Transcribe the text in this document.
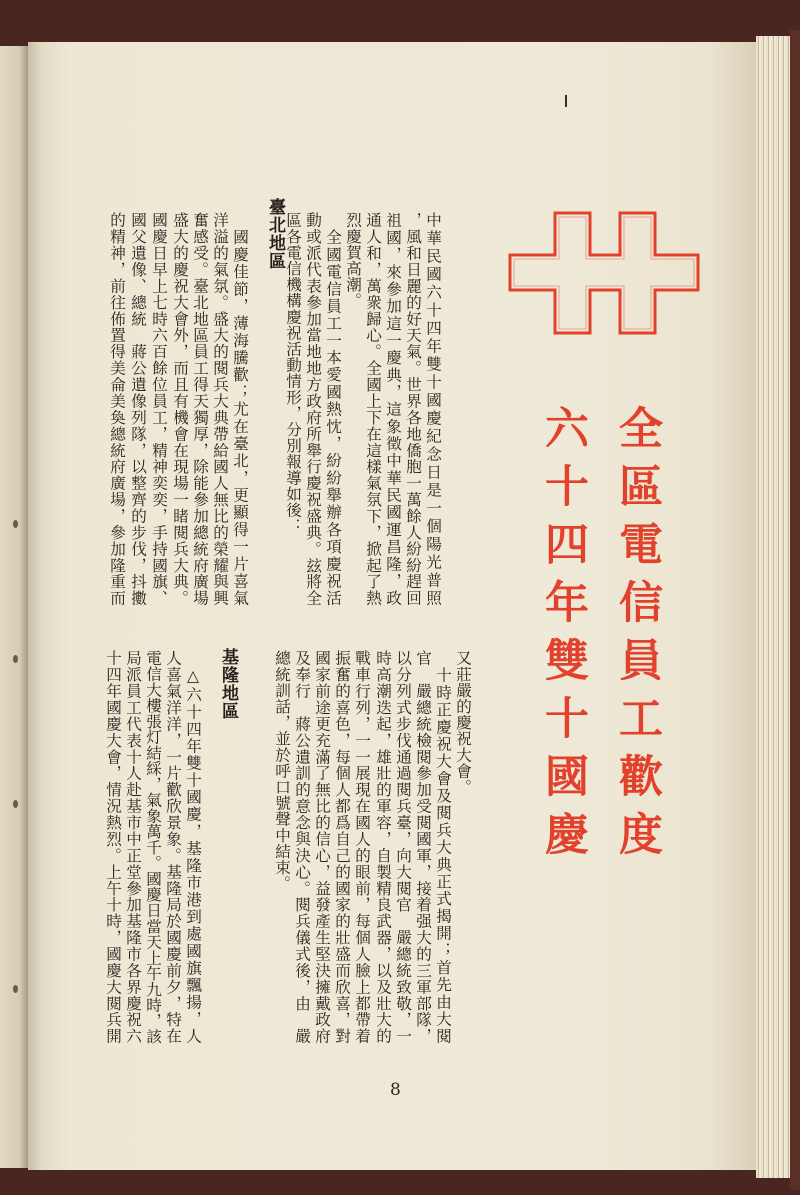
全區電信員工歡度
六十四年雙十國慶
中華民國六十四年雙十國慶紀念日是一個陽光普照
，風和日麗的好天氣。世界各地僑胞一萬餘人紛紛趕回
祖國，來參加這一慶典，這象徵中華民國運昌隆，政
通人和，萬衆歸心。全國上下在這樣氣氛下，掀起了熱
烈慶賀高潮。
全國電信員工一本愛國熱忱，紛紛舉辦各項慶祝活
動或派代表參加當地地方政府所舉行慶祝盛典。玆將全
區各電信機構慶祝活動情形，分別報導如後：
臺北地區
國慶佳節，薄海騰歡；尤在臺北，更顯得一片喜氣
洋溢的氣氛。盛大的閱兵大典帶給國人無比的榮耀與興
奮感受。臺北地區員工得天獨厚，除能參加總統府廣場
盛大的慶祝大會外，而且有機會在現場一睹閱兵大典。
國慶日早上七時六百餘位員工，精神奕奕，手持國旗、
國父遺像、總統　蔣公遺像列隊，以整齊的步伐，抖擻
的精神，前往佈置得美侖美奐總統府廣場，參加隆重而
又莊嚴的慶祝大會。
十時正慶祝大會及閱兵大典正式揭開；首先由大閱
官　嚴總統檢閱參加受閱國軍，接着强大的三軍部隊，
以分列式步伐通過閱兵臺，向大閱官　嚴總統致敬，一
時高潮迭起，雄壯的軍容，自製精良武器，以及壯大的
戰車行列，一一展現在國人的眼前，每個人臉上都帶着
振奮的喜色，每個人都爲自己的國家的壯盛而欣喜，對
國家前途更充滿了無比的信心，益發產生堅決擁戴政府
及奉行　蔣公遺訓的意念與決心。閱兵儀式後，由　嚴
總統訓話，並於呼口號聲中結束。
基隆地區
△六十四年雙十國慶，基隆市港到處國旗飄揚，人
人喜氣洋洋，一片歡欣景象。基隆局於國慶前夕，特在
電信大樓張灯結綵，氣象萬千。國慶日當天上午九時，該
局派員工代表十人赴基市中正堂參加基隆市各界慶祝六
十四年國慶大會，情況熱烈。上午十時，國慶大閱兵開
8
